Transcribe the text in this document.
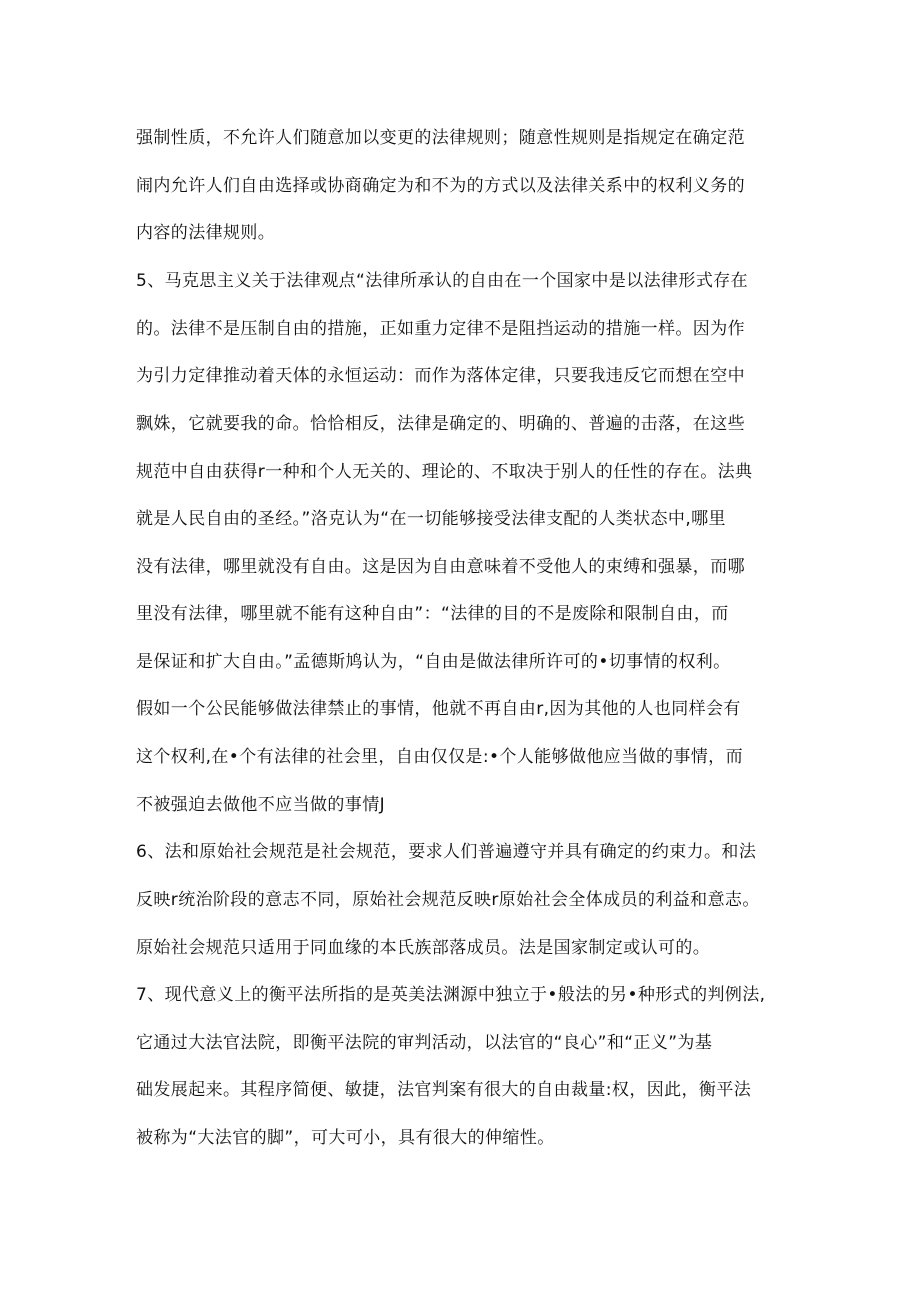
强制性质，不允许人们随意加以变更的法律规则；随意性规则是指规定在确定范
闹内允许人们自由选择或协商确定为和不为的方式以及法律关系中的权利义务的
内容的法律规则。
5、马克思主义关于法律观点“法律所承认的自由在一个国家中是以法律形式存在
的。法律不是压制自由的措施，正如重力定律不是阻挡运动的措施一样。因为作
为引力定律推动着天体的永恒运动：而作为落体定律，只要我违反它而想在空中
飘姝，它就要我的命。恰恰相反，法律是确定的、明确的、普遍的击落，在这些
规范中自由获得r一种和个人无关的、理论的、不取决于别人的任性的存在。法典
就是人民自由的圣经。”洛克认为“在一切能够接受法律支配的人类状态中,哪里
没有法律，哪里就没有自由。这是因为自由意味着不受他人的束缚和强暴，而哪
里没有法律，哪里就不能有这种自由”：“法律的目的不是废除和限制自由，而
是保证和扩大自由。”孟德斯鸠认为，“自由是做法律所许可的•切事情的权利。
假如一个公民能够做法律禁止的事情，他就不再自由r,因为其他的人也同样会有
这个权利,在•个有法律的社会里，自由仅仅是:•个人能够做他应当做的事情，而
不被强迫去做他不应当做的事情J
6、法和原始社会规范是社会规范，要求人们普遍遵守并具有确定的约束力。和法
反映r统治阶段的意志不同，原始社会规范反映r原始社会全体成员的利益和意志。
原始社会规范只适用于同血缘的本氏族部落成员。法是国家制定或认可的。
7、现代意义上的衡平法所指的是英美法渊源中独立于•般法的另•种形式的判例法,
它通过大法官法院，即衡平法院的审判活动，以法官的“良心”和“正义”为基
础发展起来。其程序简便、敏捷，法官判案有很大的自由裁量:权，因此，衡平法
被称为“大法官的脚”，可大可小，具有很大的伸缩性。
